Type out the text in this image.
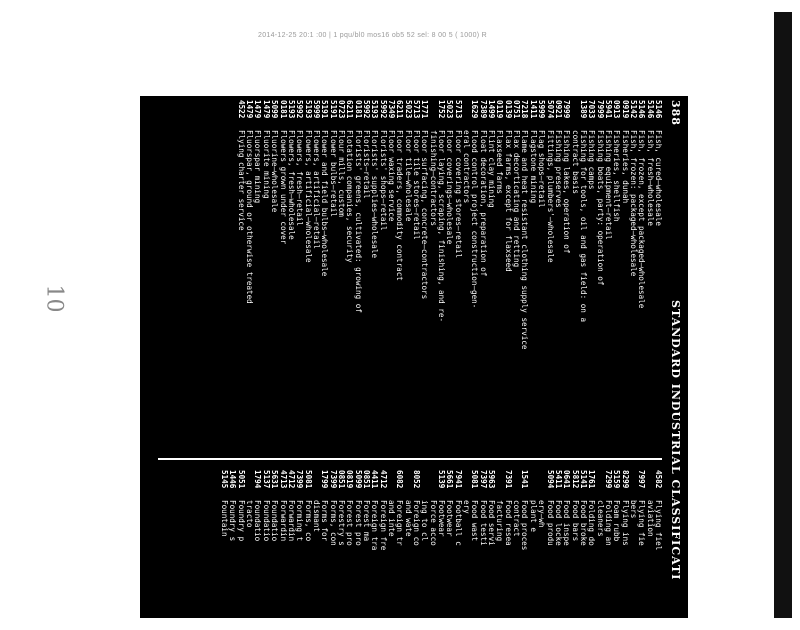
2014-12-25 20:1 :00 | 1 pqu/bl0 mos16 ob5 52 sel: 8 00 5 ( 1000) R
10
388
STANDARD INDUSTRIAL CLASSIFICATI
5146
Fish, cured—wholesale
5146
Fish, fresh—wholesale
5146
Fish, frozen, except packaged—wholesale
5142
Fish, frozen: packaged—wholesale
0919
Fisheries, dunah
0913
Fisheries, shellfish
5941
Fishing equipment—retail
7999
Fishing boats, party: operation of
7033
Fishing camps
1389
Fishing for tools, oil and gas field: on a
contract basis
7999
Fishing lakes, operation of
0921
Fishing preserves
5074
Fittings, plumbers'—wholesale
5999
Flag shops—retail
1411
Flagstone mining
7218
Flame and heat resistant clothing supply service
0751
Flax decorticating and retting
0139
Flax farms, except for flaxseed
0119
Flaxseed farms
1499
Flint clay mining
7389
Float decoration, preparation of
1629
Flood control project construction—gen-
eral contractors
5713
Floor covering stores—retail
5023
Floor coverings—wholesale
1752
Floor laying, scraping, finishing, and re-
finishing—contractors
1771
Floor surfacing, concrete—contractors
5713
Floor tile stores—retail
5023
Floor tile—wholesale
6211
Floor traders, commodity contract
7349
Floor waxing service
5992
Florists' shops—retail
5193
Florists' supplies—wholesale
5992
Florists—retail
0181
Florists' greens, cultivated: growing of
6211
Flotation companies, security
0723
Flour mills, custom
5191
Flower bulbs—retail
5191
Flower and field bulbs—wholesale
5999
Flowers, artificial—retail
5193
Flowers, artificial—wholesale
5992
Flowers, fresh—retail
5193
Flowers, fresh—wholesale
0181
Flowers grown under cover
5099
Fluorine—wholesale
1479
Fluorite mining
1479
Fluorspar mining
1479
Fluorspar, ground or otherwise treated
4522
Flying charter service
4582
Flying fiel
aviation
7997
Flying fie
bers
8299
Flying ins
5159
Foam rubb
7299
Folding an
cleaners
1761
Folding do
5141
Food broke
5812
Food bars
0641
Food inspe
5411
Food locke
5094
Food produ
ery—wh
plant e
1541
Food proces
contract
7391
Food resea
facturing
5963
Food servi
7397
Food testi
5081
Food wast
ery
7941
Football c
5661
Footwear
5139
Footwear
Force acco
ing to cl
8052
Foreign co
and wate
6082
Foreign tr
and inte
4712
Foreign fre
4411
Foreign tra
0851
Forest ma
5099
Forest pro
0819
Forest pro
0851
Forestry s
7399
Forms, con
1799
Forms for
dismant
5081
Forms, co
7399
Forming t
4712
Forwardin
4713
Forwardin
5631
Foundatio
5137
Foundatio
1794
Foundatio
tracto
5051
Foundry p
1446
Foundry s
5145
Fountain
